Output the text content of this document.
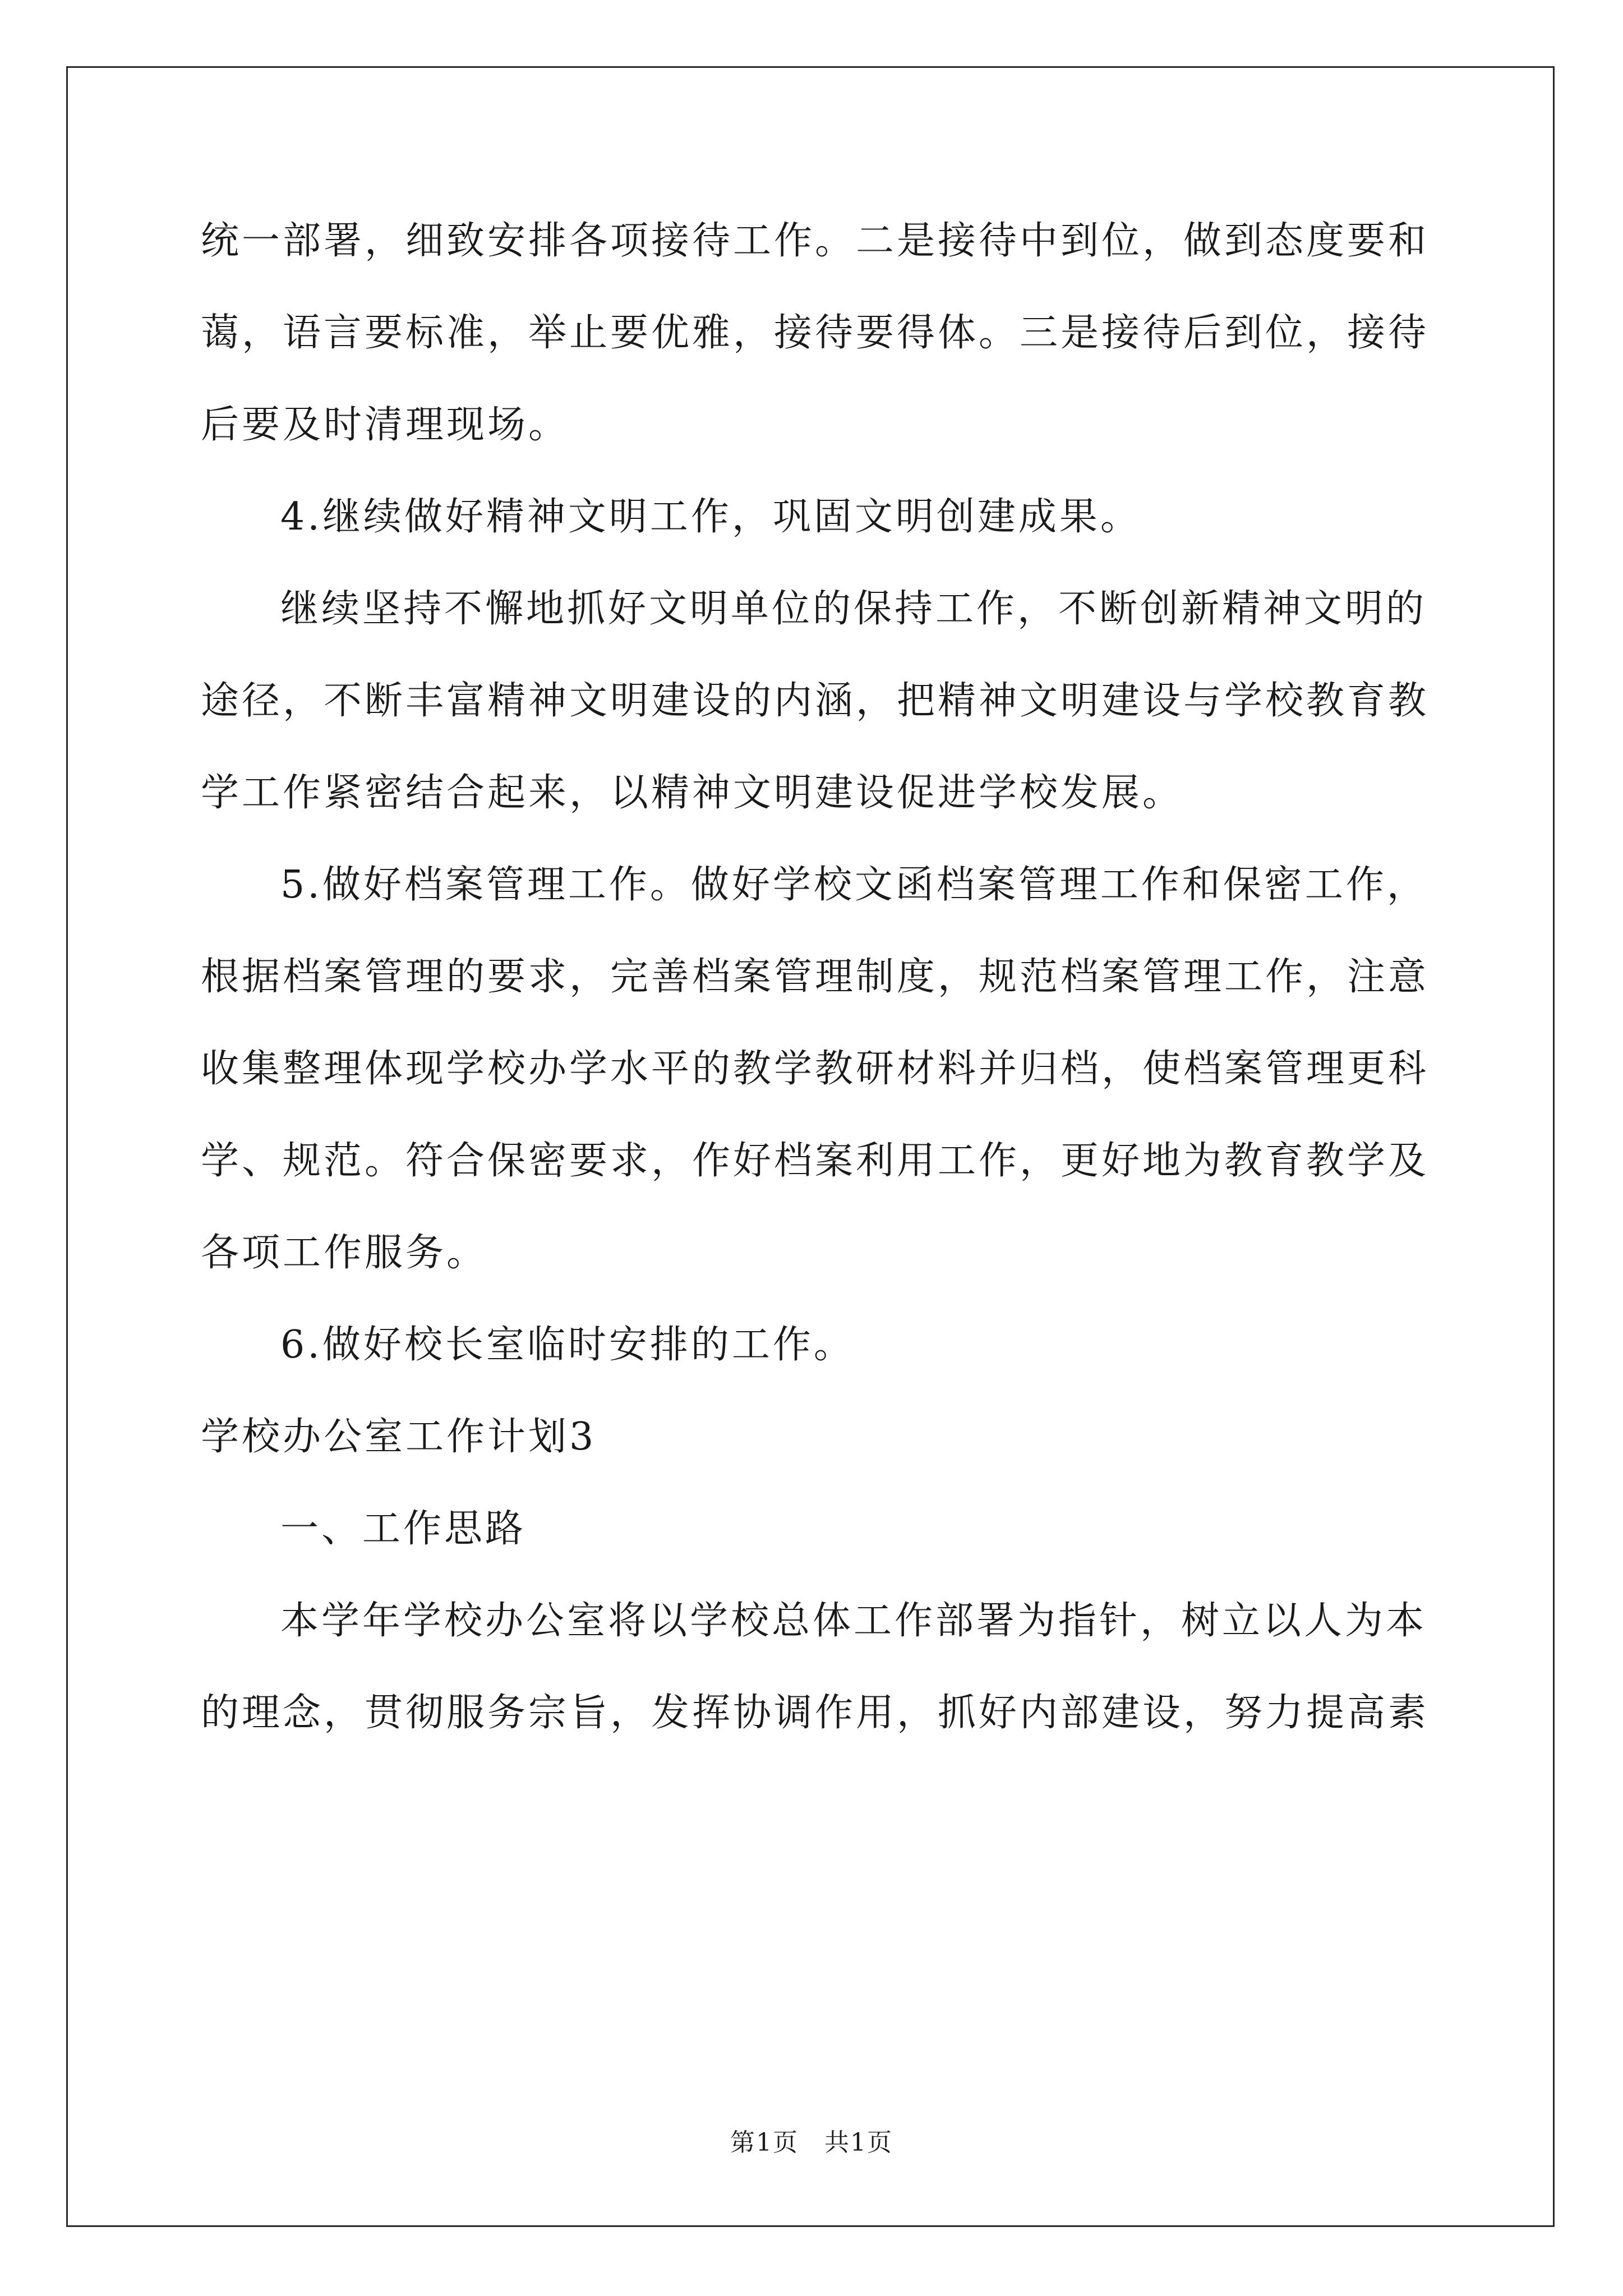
统一部署，细致安排各项接待工作。二是接待中到位，做到态度要和
蔼，语言要标准，举止要优雅，接待要得体。三是接待后到位，接待
后要及时清理现场。
4.继续做好精神文明工作，巩固文明创建成果。
继续坚持不懈地抓好文明单位的保持工作，不断创新精神文明的
途径，不断丰富精神文明建设的内涵，把精神文明建设与学校教育教
学工作紧密结合起来，以精神文明建设促进学校发展。
5.做好档案管理工作。做好学校文函档案管理工作和保密工作，
根据档案管理的要求，完善档案管理制度，规范档案管理工作，注意
收集整理体现学校办学水平的教学教研材料并归档，使档案管理更科
学、规范。符合保密要求，作好档案利用工作，更好地为教育教学及
各项工作服务。
6.做好校长室临时安排的工作。
学校办公室工作计划3
一、工作思路
本学年学校办公室将以学校总体工作部署为指针，树立以人为本
的理念，贯彻服务宗旨，发挥协调作用，抓好内部建设，努力提高素
第1页　共1页
